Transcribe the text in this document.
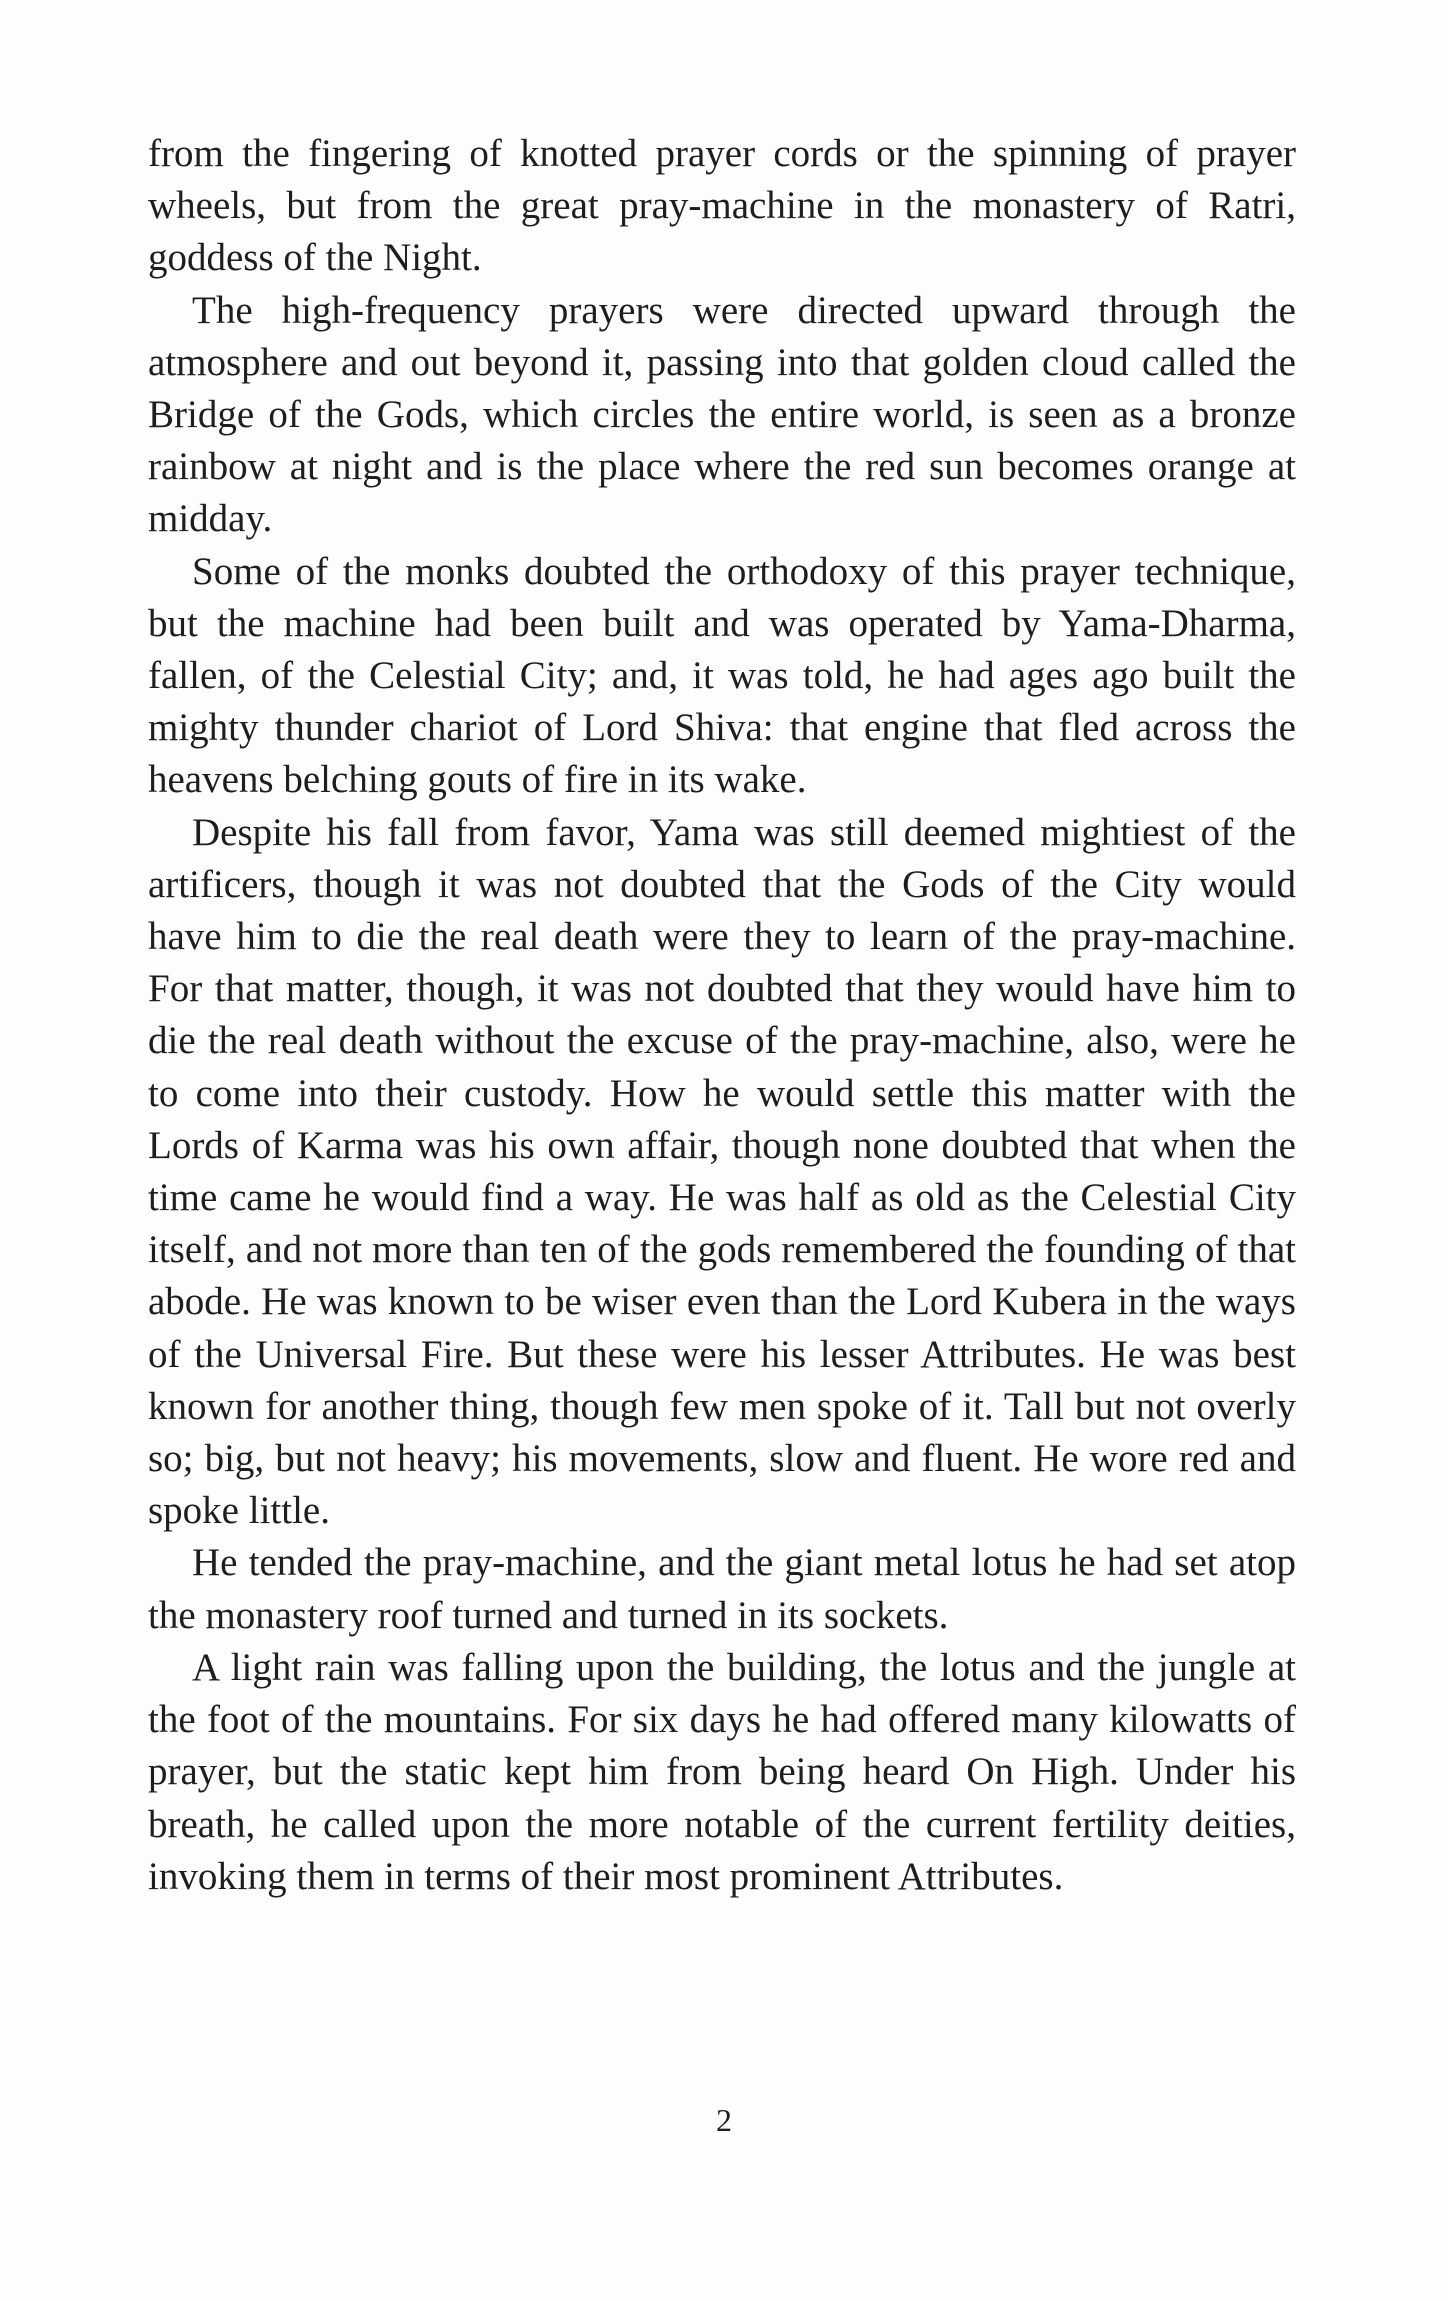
from the fingering of knotted prayer cords or the spinning of prayer wheels, but from the great pray-machine in the monastery of Ratri, goddess of the Night.

The high-frequency prayers were directed upward through the atmosphere and out beyond it, passing into that golden cloud called the Bridge of the Gods, which circles the entire world, is seen as a bronze rainbow at night and is the place where the red sun becomes orange at midday.

Some of the monks doubted the orthodoxy of this prayer technique, but the machine had been built and was operated by Yama-Dharma, fallen, of the Celestial City; and, it was told, he had ages ago built the mighty thunder chariot of Lord Shiva: that engine that fled across the heavens belching gouts of fire in its wake.

Despite his fall from favor, Yama was still deemed mightiest of the artificers, though it was not doubted that the Gods of the City would have him to die the real death were they to learn of the pray-machine. For that matter, though, it was not doubted that they would have him to die the real death without the excuse of the pray-machine, also, were he to come into their custody. How he would settle this matter with the Lords of Karma was his own affair, though none doubted that when the time came he would find a way. He was half as old as the Celestial City itself, and not more than ten of the gods remembered the founding of that abode. He was known to be wiser even than the Lord Kubera in the ways of the Universal Fire. But these were his lesser Attributes. He was best known for another thing, though few men spoke of it. Tall but not overly so; big, but not heavy; his movements, slow and fluent. He wore red and spoke little.

He tended the pray-machine, and the giant metal lotus he had set atop the monastery roof turned and turned in its sockets.

A light rain was falling upon the building, the lotus and the jungle at the foot of the mountains. For six days he had offered many kilowatts of prayer, but the static kept him from being heard On High. Under his breath, he called upon the more notable of the current fertility deities, invoking them in terms of their most prominent Attributes.

2
